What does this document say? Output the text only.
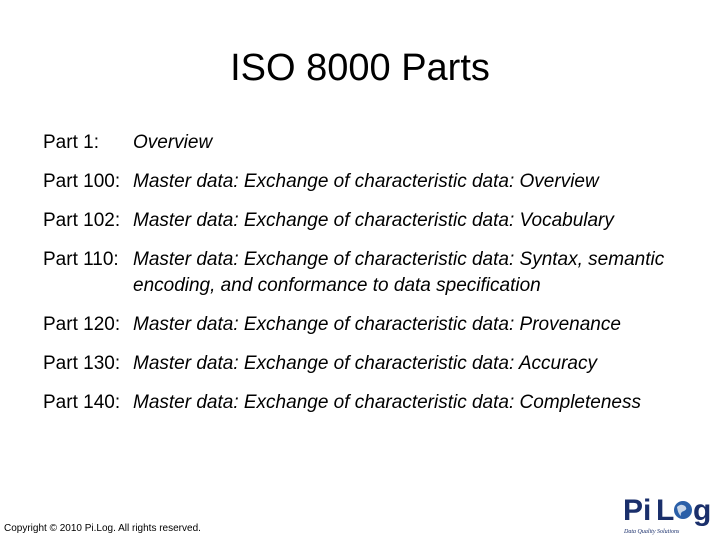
ISO 8000 Parts
Part 1:	Overview
Part 100: Master data: Exchange of characteristic data: Overview
Part 102: Master data: Exchange of characteristic data: Vocabulary
Part 110: Master data: Exchange of characteristic data: Syntax, semantic encoding, and conformance to data specification
Part 120: Master data: Exchange of characteristic data: Provenance
Part 130: Master data: Exchange of characteristic data: Accuracy
Part 140: Master data: Exchange of characteristic data: Completeness
Copyright © 2010 Pi.Log. All rights reserved.
Pi L g
Data Quality Solutions
